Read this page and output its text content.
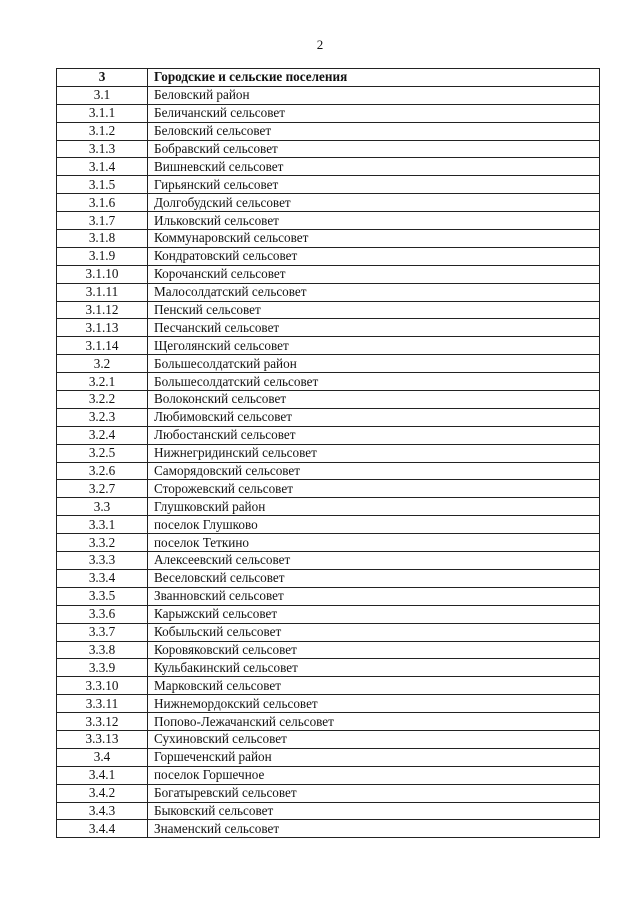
2
3	Городские и сельские поселения
3.1	Беловский район
3.1.1	Беличанский сельсовет
3.1.2	Беловский сельсовет
3.1.3	Бобравский сельсовет
3.1.4	Вишневский сельсовет
3.1.5	Гирьянский сельсовет
3.1.6	Долгобудский сельсовет
3.1.7	Ильковский сельсовет
3.1.8	Коммунаровский сельсовет
3.1.9	Кондратовский сельсовет
3.1.10	Корочанский сельсовет
3.1.11	Малосолдатский сельсовет
3.1.12	Пенский сельсовет
3.1.13	Песчанский сельсовет
3.1.14	Щеголянский сельсовет
3.2	Большесолдатский район
3.2.1	Большесолдатский сельсовет
3.2.2	Волоконский сельсовет
3.2.3	Любимовский сельсовет
3.2.4	Любостанский сельсовет
3.2.5	Нижнегридинский сельсовет
3.2.6	Саморядовский сельсовет
3.2.7	Сторожевский сельсовет
3.3	Глушковский район
3.3.1	поселок Глушково
3.3.2	поселок Теткино
3.3.3	Алексеевский сельсовет
3.3.4	Веселовский сельсовет
3.3.5	Званновский сельсовет
3.3.6	Карыжский сельсовет
3.3.7	Кобыльский сельсовет
3.3.8	Коровяковский сельсовет
3.3.9	Кульбакинский сельсовет
3.3.10	Марковский сельсовет
3.3.11	Нижнемордокский сельсовет
3.3.12	Попово-Лежачанский сельсовет
3.3.13	Сухиновский сельсовет
3.4	Горшеченский район
3.4.1	поселок Горшечное
3.4.2	Богатыревский сельсовет
3.4.3	Быковский сельсовет
3.4.4	Знаменский сельсовет
